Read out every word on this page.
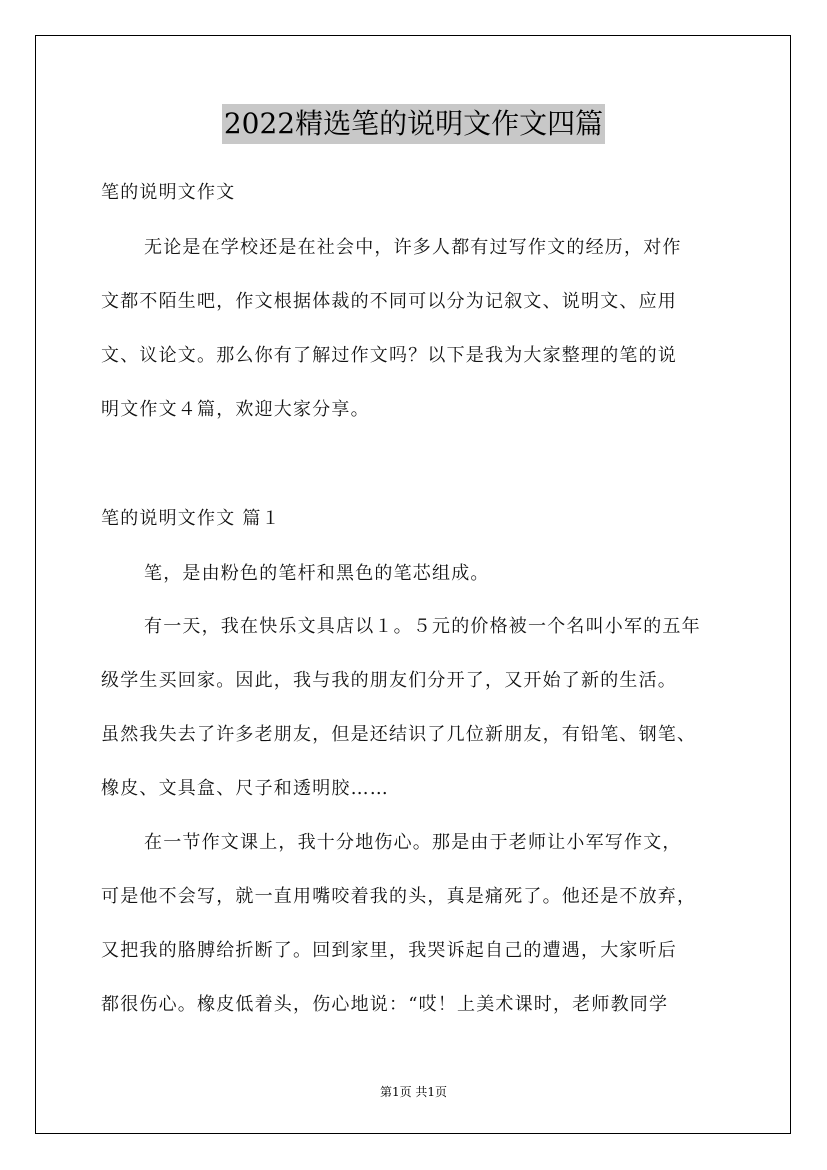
2022精选笔的说明文作文四篇
笔的说明文作文
无论是在学校还是在社会中，许多人都有过写作文的经历，对作
文都不陌生吧，作文根据体裁的不同可以分为记叙文、说明文、应用
文、议论文。那么你有了解过作文吗？以下是我为大家整理的笔的说
明文作文４篇，欢迎大家分享。
笔的说明文作文 篇１
笔，是由粉色的笔杆和黑色的笔芯组成。
有一天，我在快乐文具店以１。５元的价格被一个名叫小军的五年
级学生买回家。因此，我与我的朋友们分开了，又开始了新的生活。
虽然我失去了许多老朋友，但是还结识了几位新朋友，有铅笔、钢笔、
橡皮、文具盒、尺子和透明胶……
在一节作文课上，我十分地伤心。那是由于老师让小军写作文，
可是他不会写，就一直用嘴咬着我的头，真是痛死了。他还是不放弃，
又把我的胳膊给折断了。回到家里，我哭诉起自己的遭遇，大家听后
都很伤心。橡皮低着头，伤心地说：“哎！上美术课时，老师教同学
第1页 共1页
